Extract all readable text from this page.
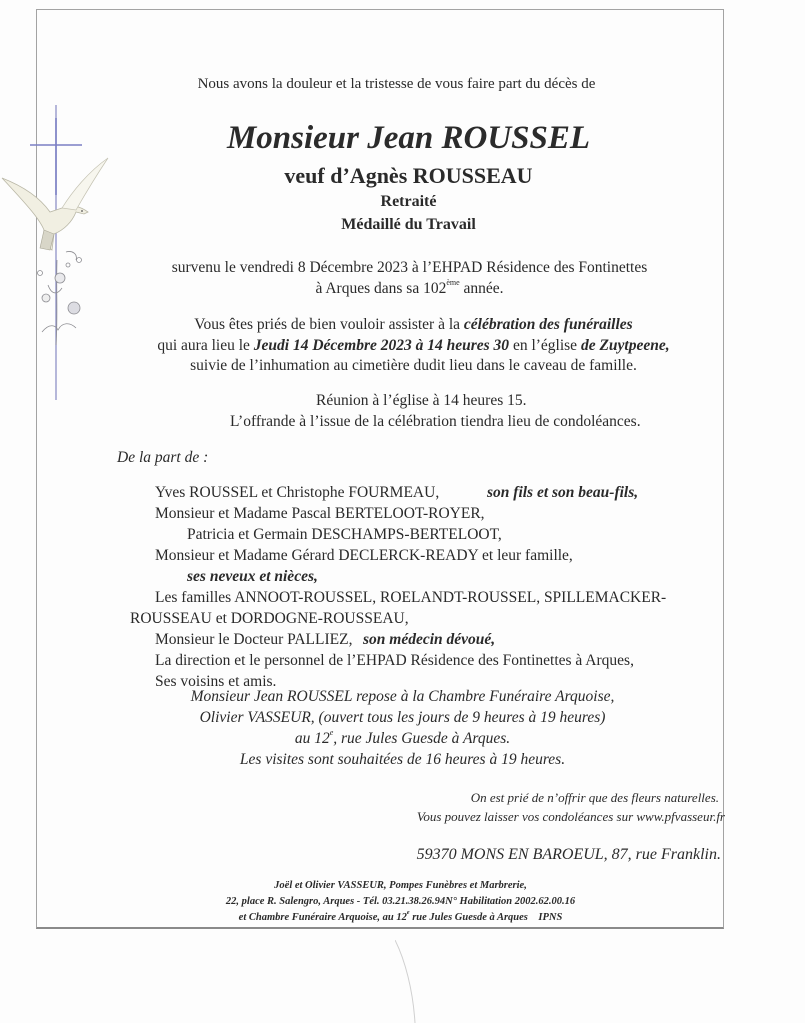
Nous avons la douleur et la tristesse de vous faire part du décès de
Monsieur Jean ROUSSEL
veuf d’Agnès ROUSSEAU
Retraité
Médaillé du Travail
survenu le vendredi 8 Décembre 2023 à l’EHPAD Résidence des Fontinettes
à Arques dans sa 102ème année.
Vous êtes priés de bien vouloir assister à la célébration des funérailles
qui aura lieu le Jeudi 14 Décembre 2023 à 14 heures 30 en l’église de Zuytpeene,
suivie de l’inhumation au cimetière dudit lieu dans le caveau de famille.
Réunion à l’église à 14 heures 15.
L’offrande à l’issue de la célébration tiendra lieu de condoléances.
De la part de :
Yves ROUSSEL et Christophe FOURMEAU,	son fils et son beau-fils,
Monsieur et Madame Pascal BERTELOOT-ROYER,
Patricia et Germain DESCHAMPS-BERTELOOT,
Monsieur et Madame Gérard DECLERCK-READY et leur famille,
ses neveux et nièces,
Les familles ANNOOT-ROUSSEL, ROELANDT-ROUSSEL, SPILLEMACKER-
ROUSSEAU et DORDOGNE-ROUSSEAU,
Monsieur le Docteur PALLIEZ, son médecin dévoué,
La direction et le personnel de l’EHPAD Résidence des Fontinettes à Arques,
Ses voisins et amis.
Monsieur Jean ROUSSEL repose à la Chambre Funéraire Arquoise,
Olivier VASSEUR, (ouvert tous les jours de 9 heures à 19 heures)
au 12e, rue Jules Guesde à Arques.
Les visites sont souhaitées de 16 heures à 19 heures.
On est prié de n’offrir que des fleurs naturelles.
Vous pouvez laisser vos condoléances sur www.pfvasseur.fr
59370 MONS EN BAROEUL, 87, rue Franklin.
Joël et Olivier VASSEUR, Pompes Funèbres et Marbrerie,
22, place R. Salengro, Arques - Tél. 03.21.38.26.94N° Habilitation 2002.62.00.16
et Chambre Funéraire Arquoise, au 12e rue Jules Guesde à Arques IPNS
